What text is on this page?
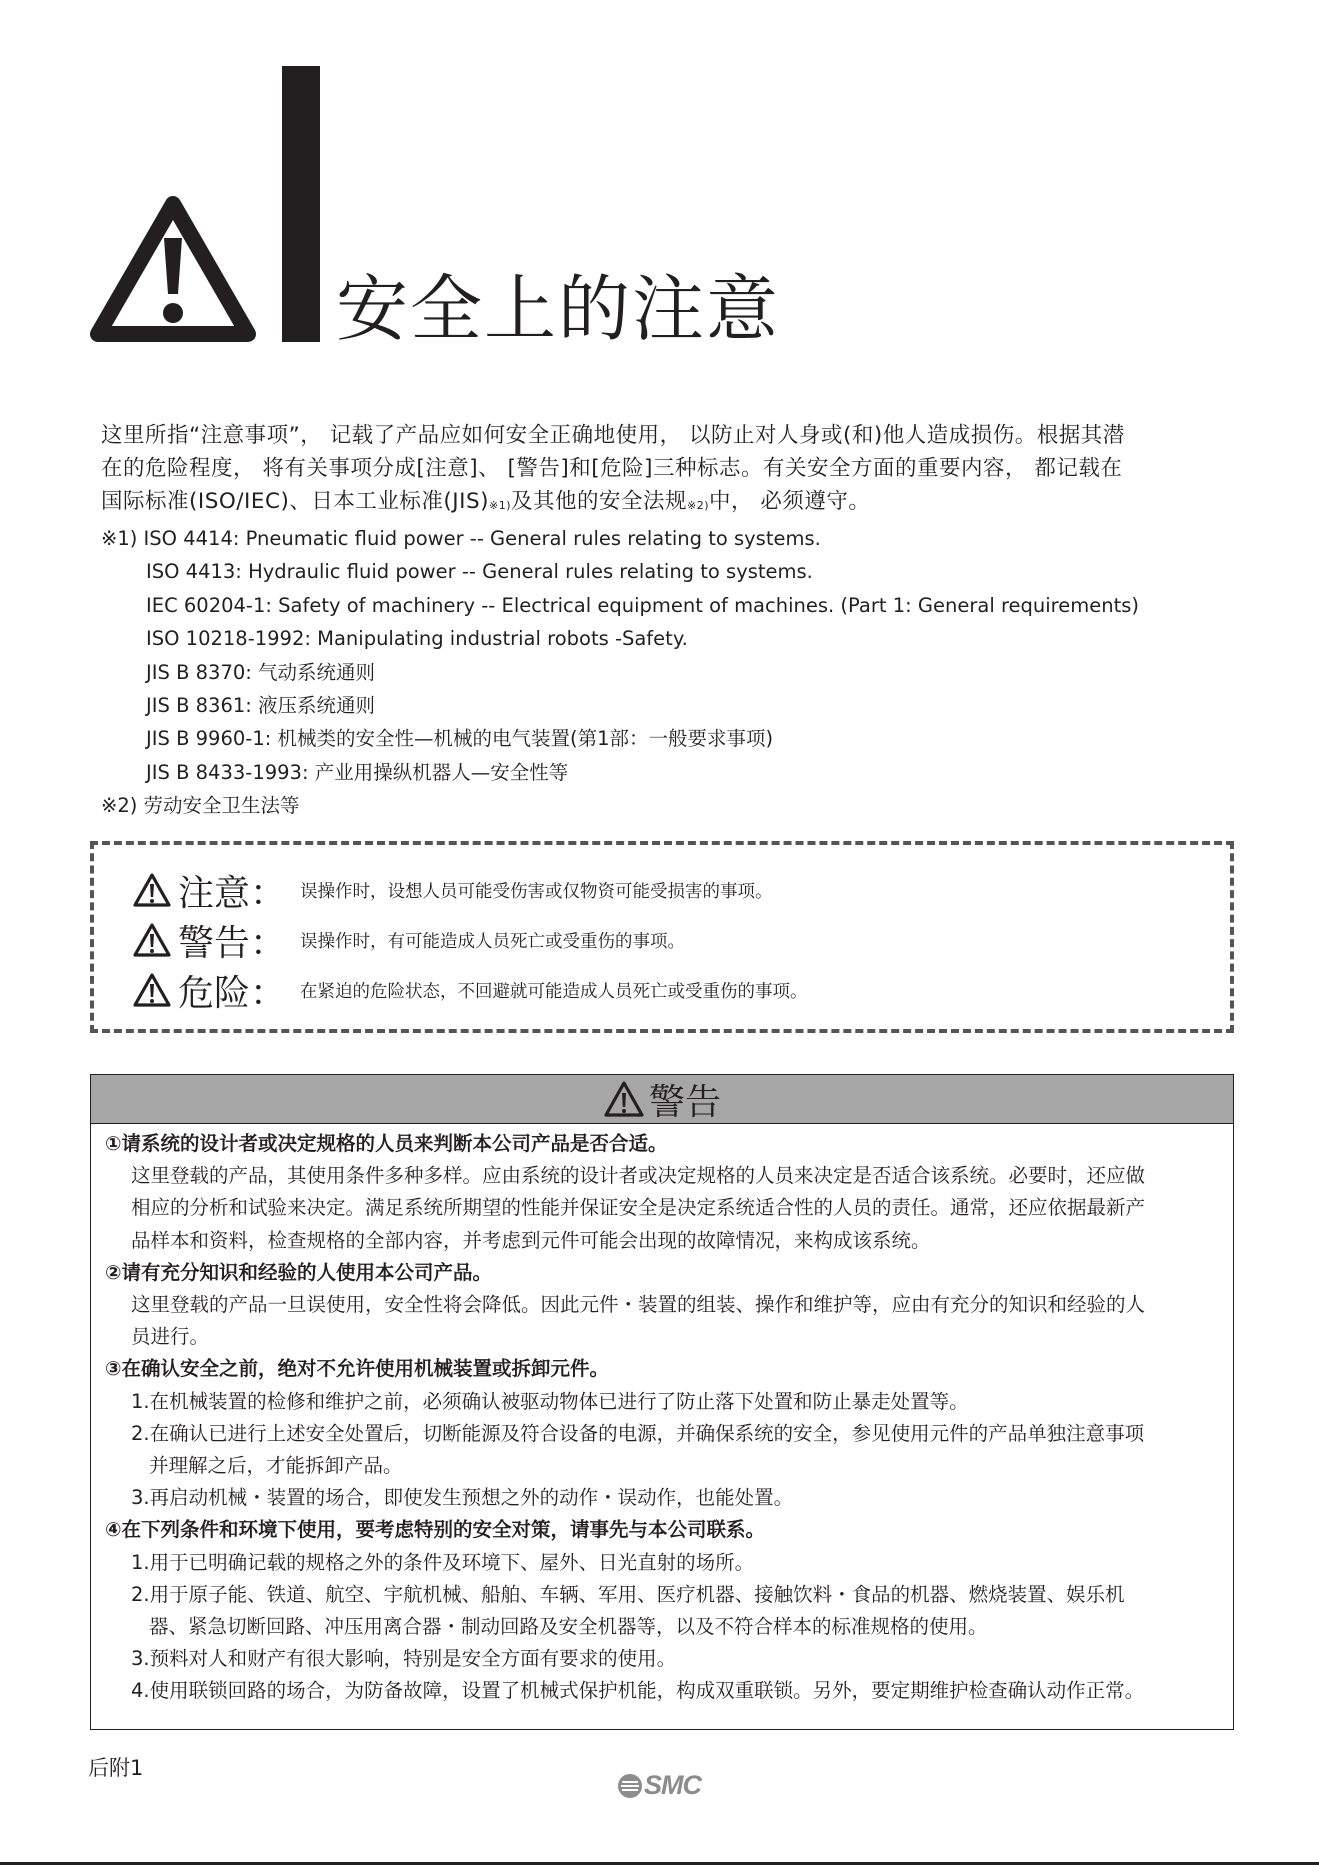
安全上的注意
这里所指“注意事项”， 记载了产品应如何安全正确地使用， 以防止对人身或(和)他人造成损伤。根据其潜
在的危险程度， 将有关事项分成[注意]、 [警告]和[危险]三种标志。有关安全方面的重要内容， 都记载在
国际标准(ISO/IEC)、日本工业标准(JIS)$^{※1)}$及其他的安全法规$^{※2)}$中， 必须遵守。
※1) ISO 4414: Pneumatic fluid power -- General rules relating to systems.
ISO 4413: Hydraulic fluid power -- General rules relating to systems.
IEC 60204-1: Safety of machinery -- Electrical equipment of machines. (Part 1: General requirements)
ISO 10218-1992: Manipulating industrial robots -Safety.
JIS B 8370: 气动系统通则
JIS B 8361: 液压系统通则
JIS B 9960-1: 机械类的安全性—机械的电气装置(第1部：一般要求事项)
JIS B 8433-1993: 产业用操纵机器人—安全性等
※2) 劳动安全卫生法等
注意： 误操作时，设想人员可能受伤害或仅物资可能受损害的事项。
警告： 误操作时，有可能造成人员死亡或受重伤的事项。
危险： 在紧迫的危险状态，不回避就可能造成人员死亡或受重伤的事项。
警告
①请系统的设计者或决定规格的人员来判断本公司产品是否合适。
这里登载的产品，其使用条件多种多样。应由系统的设计者或决定规格的人员来决定是否适合该系统。必要时，还应做
相应的分析和试验来决定。满足系统所期望的性能并保证安全是决定系统适合性的人员的责任。通常，还应依据最新产
品样本和资料，检查规格的全部内容，并考虑到元件可能会出现的故障情况，来构成该系统。
②请有充分知识和经验的人使用本公司产品。
这里登载的产品一旦误使用，安全性将会降低。因此元件・装置的组装、操作和维护等，应由有充分的知识和经验的人
员进行。
③在确认安全之前，绝对不允许使用机械装置或拆卸元件。
1.在机械装置的检修和维护之前，必须确认被驱动物体已进行了防止落下处置和防止暴走处置等。
2.在确认已进行上述安全处置后，切断能源及符合设备的电源，并确保系统的安全，参见使用元件的产品单独注意事项
并理解之后，才能拆卸产品。
3.再启动机械・装置的场合，即使发生预想之外的动作・误动作，也能处置。
④在下列条件和环境下使用，要考虑特别的安全对策，请事先与本公司联系。
1.用于已明确记载的规格之外的条件及环境下、屋外、日光直射的场所。
2.用于原子能、铁道、航空、宇航机械、船舶、车辆、军用、医疗机器、接触饮料・食品的机器、燃烧装置、娱乐机
器、紧急切断回路、冲压用离合器・制动回路及安全机器等，以及不符合样本的标准规格的使用。
3.预料对人和财产有很大影响，特别是安全方面有要求的使用。
4.使用联锁回路的场合，为防备故障，设置了机械式保护机能，构成双重联锁。另外，要定期维护检查确认动作正常。
后附1
SMC
